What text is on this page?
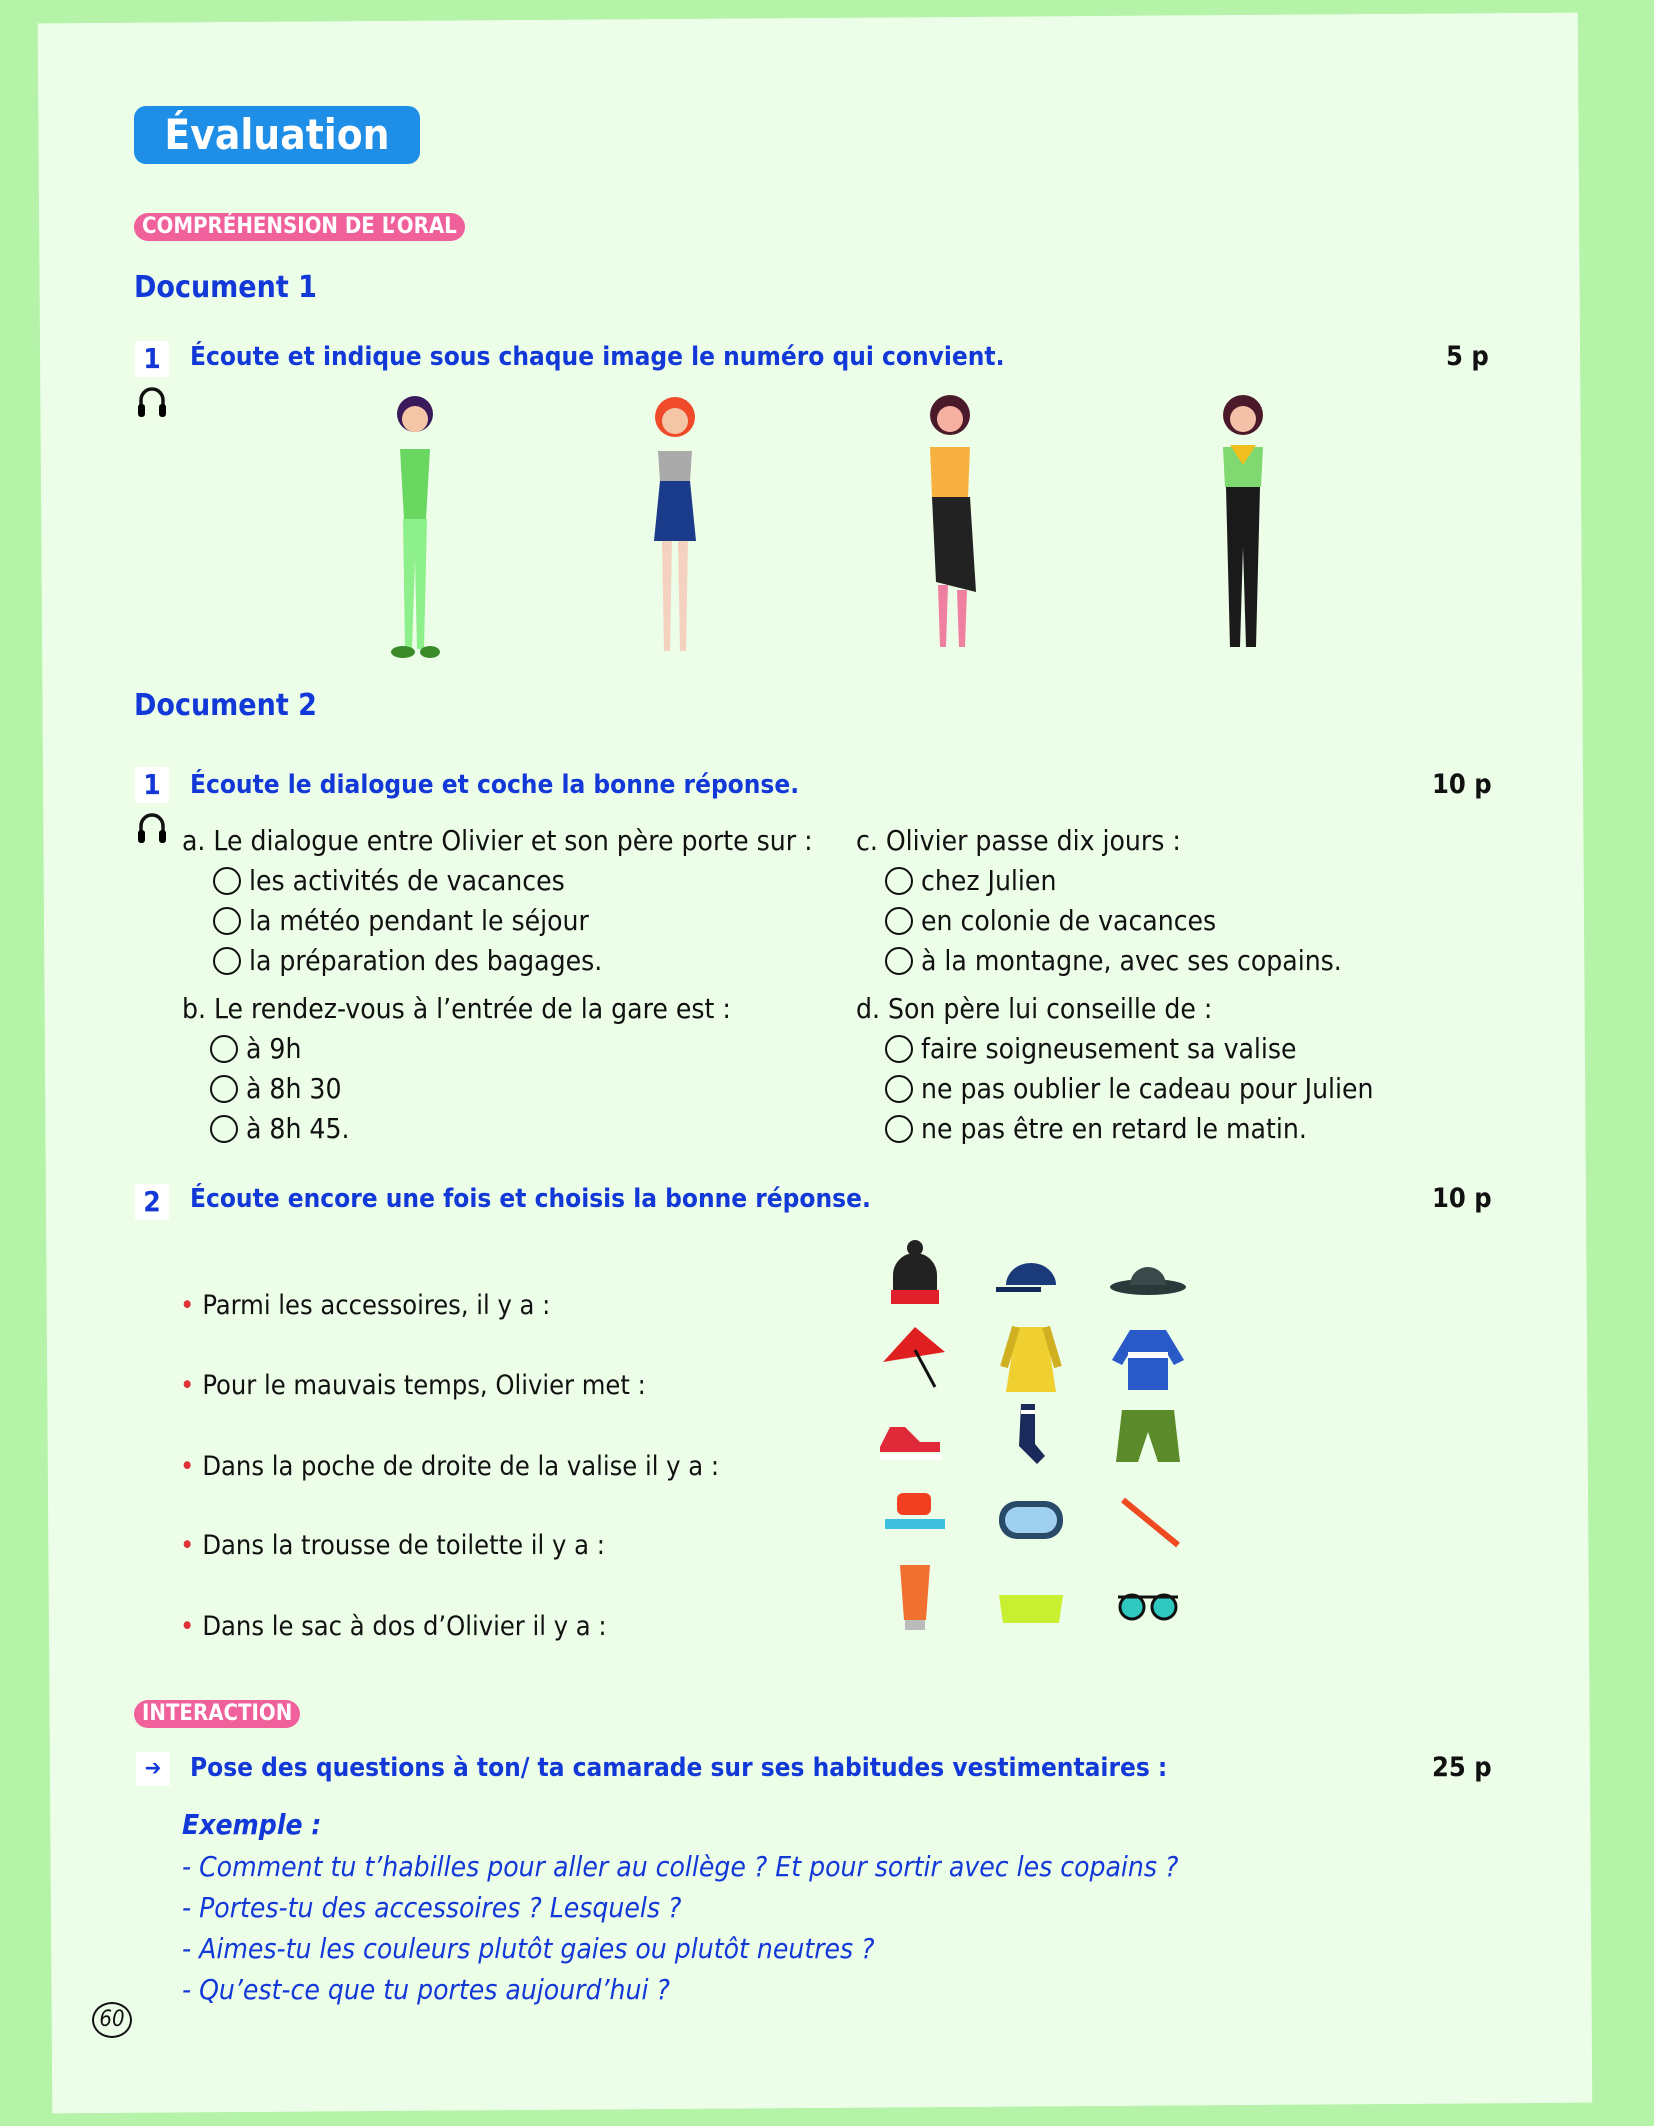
Évaluation
COMPRÉHENSION DE L’ORAL
Document 1
1	Écoute et indique sous chaque image le numéro qui convient.	5 p
Document 2
1	Écoute le dialogue et coche la bonne réponse.	10 p
a. Le dialogue entre Olivier et son père porte sur :
les activités de vacances
la météo pendant le séjour
la préparation des bagages.
b. Le rendez-vous à l’entrée de la gare est :
à 9h
à 8h 30
à 8h 45.
c. Olivier passe dix jours :
chez Julien
en colonie de vacances
à la montagne, avec ses copains.
d. Son père lui conseille de :
faire soigneusement sa valise
ne pas oublier le cadeau pour Julien
ne pas être en retard le matin.
2	Écoute encore une fois et choisis la bonne réponse.	10 p
• Parmi les accessoires, il y a :
• Pour le mauvais temps, Olivier met :
• Dans la poche de droite de la valise il y a :
• Dans la trousse de toilette il y a :
• Dans le sac à dos d’Olivier il y a :
INTERACTION
➔	Pose des questions à ton/ ta camarade sur ses habitudes vestimentaires :	25 p
Exemple :
- Comment tu t’habilles pour aller au collège ? Et pour sortir avec les copains ?
- Portes-tu des accessoires ? Lesquels ?
- Aimes-tu les couleurs plutôt gaies ou plutôt neutres ?
- Qu’est-ce que tu portes aujourd’hui ?
60
